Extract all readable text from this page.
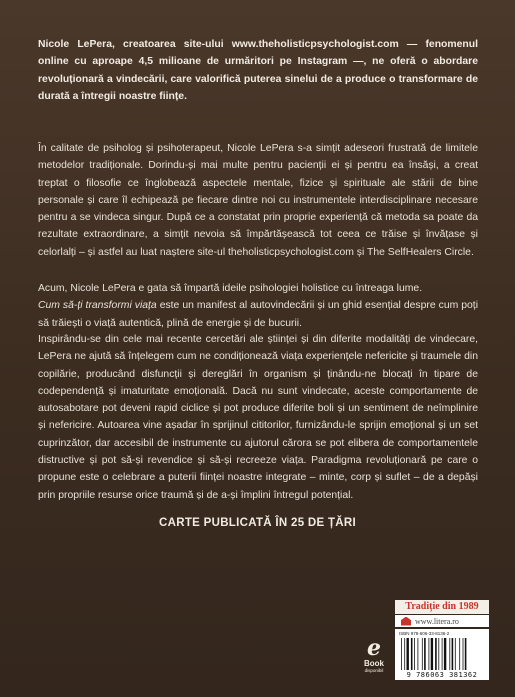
Nicole LePera, creatoarea site-ului www.theholisticpsychologist.com — fenomenul online cu aproape 4,5 milioane de urmăritori pe Instagram —, ne oferă o abordare revoluționară a vindecării, care valorifică puterea sinelui de a produce o transformare de durată a întregii noastre ființe.

În calitate de psiholog și psihoterapeut, Nicole LePera s-a simțit adeseori frustrată de limitele metodelor tradiționale. Dorindu-și mai multe pentru pacienții ei și pentru ea însăși, a creat treptat o filosofie ce înglobează aspectele mentale, fizice și spirituale ale stării de bine personale și care îl echipează pe fiecare dintre noi cu instrumentele interdisciplinare necesare pentru a se vindeca singur. După ce a constatat prin proprie experiență că metoda sa poate da rezultate extraordinare, a simțit nevoia să împărtășească tot ceea ce trăise și învățase și celorlalți – și astfel au luat naștere site-ul theholisticpsychologist.com și The SelfHealers Circle.

Acum, Nicole LePera e gata să împartă ideile psihologiei holistice cu întreaga lume.
Cum să-ți transformi viața este un manifest al autovindecării și un ghid esențial despre cum poți să trăiești o viață autentică, plină de energie și de bucurii.

Inspirându-se din cele mai recente cercetări ale științei și din diferite modalități de vindecare, LePera ne ajută să înțelegem cum ne condiționează viața experiențele nefericite și traumele din copilărie, producând disfuncții și dereglări în organism și ținându-ne blocați în tipare de codependență și imaturitate emoțională. Dacă nu sunt vindecate, aceste comportamente de autosabotare pot deveni rapid ciclice și pot produce diferite boli și un sentiment de neîmplinire și nefericire. Autoarea vine așadar în sprijinul cititorilor, furnizându-le sprijin emoțional și un set cuprinzător, dar accesibil de instrumente cu ajutorul cărora se pot elibera de comportamentele distructive și pot să-și revendice și să-și recreeze viața. Paradigma revoluționară pe care o propune este o celebrare a puterii ființei noastre integrate – minte, corp și suflet – de a depăși prin propriile resurse orice traumă și de a-și împlini întregul potențial.

CARTE PUBLICATĂ ÎN 25 DE ȚĂRI
e
Book
disponibil
Tradiție din 1989
www.litera.ro
ISBN 978-606-33-8136-2
9 786063 381362
